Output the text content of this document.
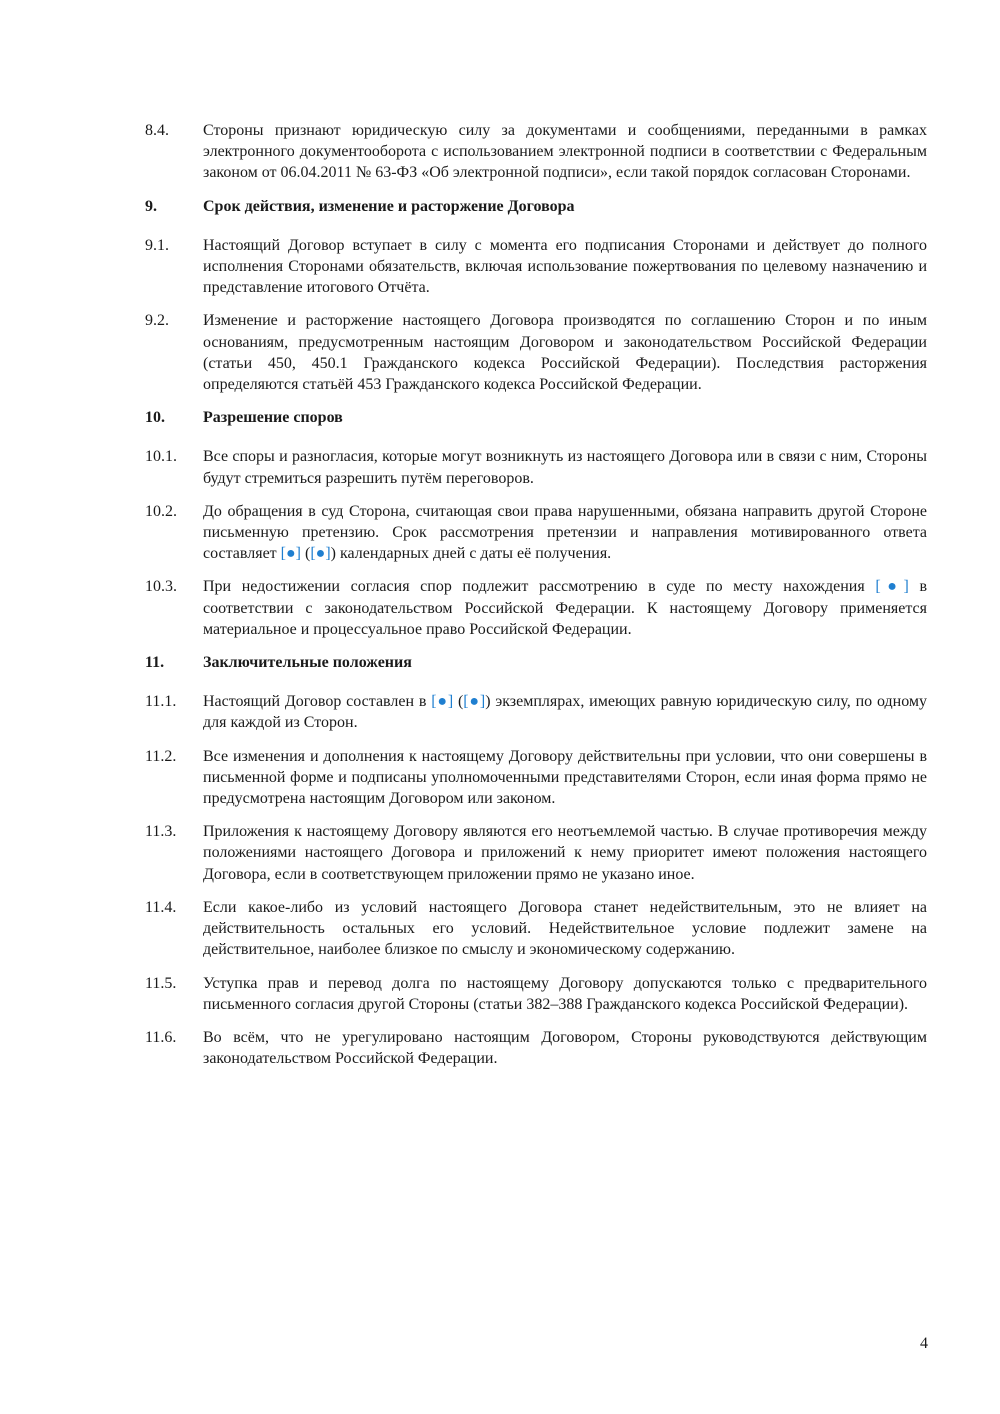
8.4.	Стороны признают юридическую силу за документами и сообщениями, переданными в рамках электронного документооборота с использованием электронной подписи в соответствии с Федеральным законом от 06.04.2011 № 63-ФЗ «Об электронной подписи», если такой порядок согласован Сторонами.
9.	Срок действия, изменение и расторжение Договора
9.1.	Настоящий Договор вступает в силу с момента его подписания Сторонами и действует до полного исполнения Сторонами обязательств, включая использование пожертвования по целевому назначению и представление итогового Отчёта.
9.2.	Изменение и расторжение настоящего Договора производятся по соглашению Сторон и по иным основаниям, предусмотренным настоящим Договором и законодательством Российской Федерации (статьи 450, 450.1 Гражданского кодекса Российской Федерации). Последствия расторжения определяются статьёй 453 Гражданского кодекса Российской Федерации.
10.	Разрешение споров
10.1.	Все споры и разногласия, которые могут возникнуть из настоящего Договора или в связи с ним, Стороны будут стремиться разрешить путём переговоров.
10.2.	До обращения в суд Сторона, считающая свои права нарушенными, обязана направить другой Стороне письменную претензию. Срок рассмотрения претензии и направления мотивированного ответа составляет [●] ([●]) календарных дней с даты её получения.
10.3.	При недостижении согласия спор подлежит рассмотрению в суде по месту нахождения [●] в соответствии с законодательством Российской Федерации. К настоящему Договору применяется материальное и процессуальное право Российской Федерации.
11.	Заключительные положения
11.1.	Настоящий Договор составлен в [●] ([●]) экземплярах, имеющих равную юридическую силу, по одному для каждой из Сторон.
11.2.	Все изменения и дополнения к настоящему Договору действительны при условии, что они совершены в письменной форме и подписаны уполномоченными представителями Сторон, если иная форма прямо не предусмотрена настоящим Договором или законом.
11.3.	Приложения к настоящему Договору являются его неотъемлемой частью. В случае противоречия между положениями настоящего Договора и приложений к нему приоритет имеют положения настоящего Договора, если в соответствующем приложении прямо не указано иное.
11.4.	Если какое-либо из условий настоящего Договора станет недействительным, это не влияет на действительность остальных его условий. Недействительное условие подлежит замене на действительное, наиболее близкое по смыслу и экономическому содержанию.
11.5.	Уступка прав и перевод долга по настоящему Договору допускаются только с предварительного письменного согласия другой Стороны (статьи 382–388 Гражданского кодекса Российской Федерации).
11.6.	Во всём, что не урегулировано настоящим Договором, Стороны руководствуются действующим законодательством Российской Федерации.
4
